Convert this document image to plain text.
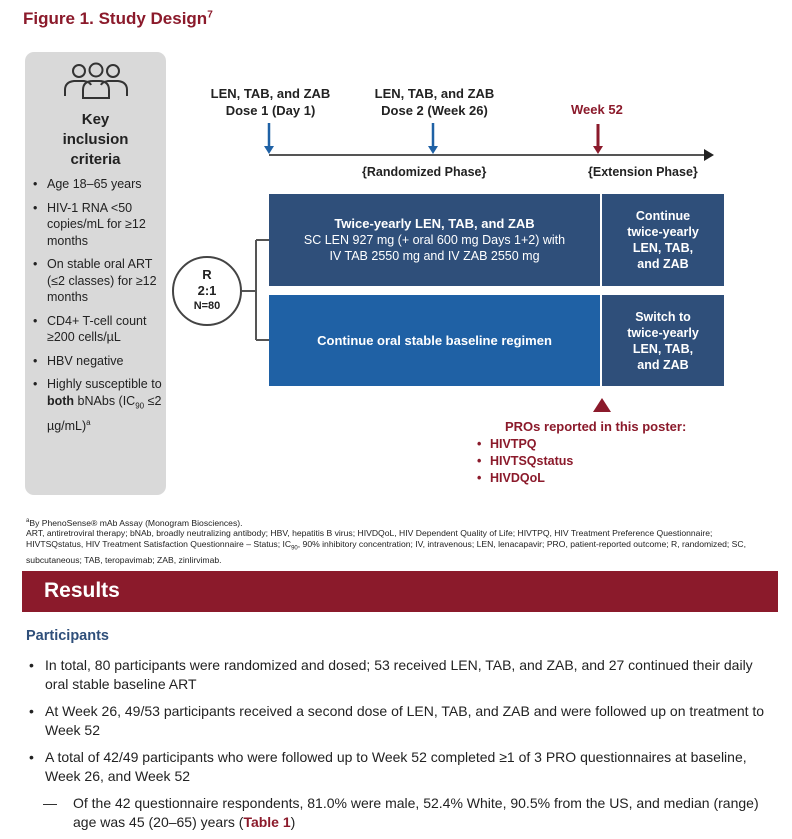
Figure 1. Study Design$^7$
Key
inclusion
criteria
• Age 18–65 years
• HIV-1 RNA <50 copies/mL for ≥12 months
• On stable oral ART (≤2 classes) for ≥12 months
• CD4+ T-cell count ≥200 cells/µL
• HBV negative
• Highly susceptible to both bNAbs ($IC_{90} \le 2$ µg/mL)$^a$
LEN, TAB, and ZAB
Dose 1 (Day 1)
LEN, TAB, and ZAB
Dose 2 (Week 26)	Week 52
{Randomized Phase}	{Extension Phase}
R
2:1
N=80
Twice-yearly LEN, TAB, and ZAB
SC LEN 927 mg (+ oral 600 mg Days 1+2) with
IV TAB 2550 mg and IV ZAB 2550 mg
Continue
twice-yearly
LEN, TAB,
and ZAB
Continue oral stable baseline regimen
Switch to
twice-yearly
LEN, TAB,
and ZAB
PROs reported in this poster:
• HIVTPQ
• HIVTSQstatus
• HIVDQoL
$^a$By PhenoSense® mAb Assay (Monogram Biosciences).
ART, antiretroviral therapy; bNAb, broadly neutralizing antibody; HBV, hepatitis B virus; HIVDQoL, HIV Dependent Quality of Life; HIVTPQ, HIV Treatment Preference Questionnaire; HIVTSQstatus, HIV Treatment Satisfaction Questionnaire – Status; $IC_{90}$, 90% inhibitory concentration; IV, intravenous; LEN, lenacapavir; PRO, patient-reported outcome; R, randomized; SC, subcutaneous; TAB, teropavimab; ZAB, zinlirvimab.
Results
Participants
• In total, 80 participants were randomized and dosed; 53 received LEN, TAB, and ZAB, and 27 continued their daily oral stable baseline ART
• At Week 26, 49/53 participants received a second dose of LEN, TAB, and ZAB and were followed up on treatment to Week 52
• A total of 42/49 participants who were followed up to Week 52 completed ≥1 of 3 PRO questionnaires at baseline, Week 26, and Week 52
— Of the 42 questionnaire respondents, 81.0% were male, 52.4% White, 90.5% from the US, and median (range) age was 45 (20–65) years (Table 1)
